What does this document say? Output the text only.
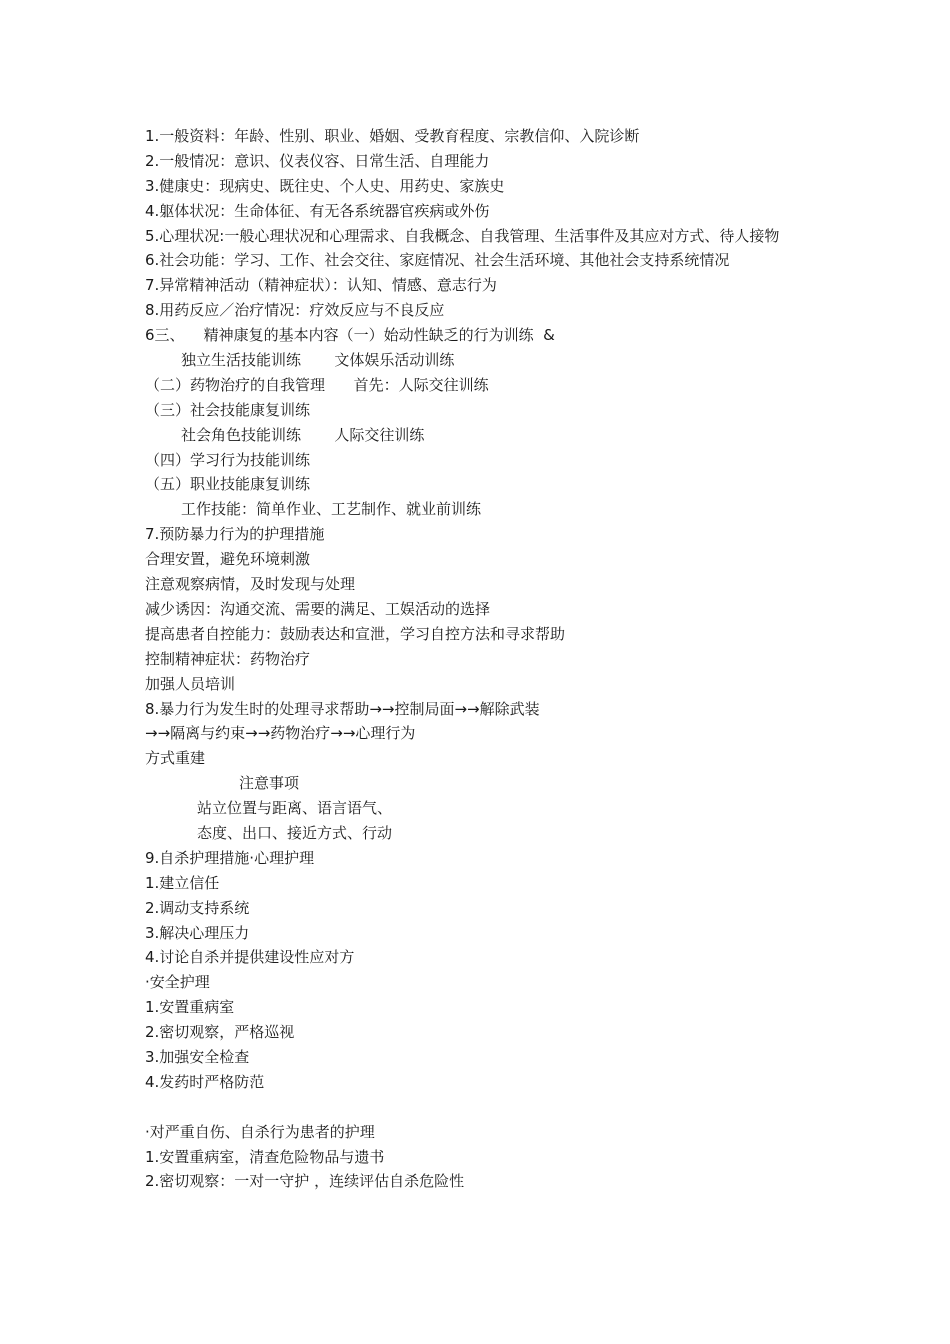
1.一般资料：年龄、性别、职业、婚姻、受教育程度、宗教信仰、入院诊断
2.一般情况：意识、仪表仪容、日常生活、自理能力
3.健康史：现病史、既往史、个人史、用药史、家族史
4.躯体状况：生命体征、有无各系统器官疾病或外伤
5.心理状况:一般心理状况和心理需求、自我概念、自我管理、生活事件及其应对方式、待人接物
6.社会功能：学习、工作、社会交往、家庭情况、社会生活环境、其他社会支持系统情况
7.异常精神活动（精神症状）：认知、情感、意志行为
8.用药反应／治疗情况：疗效反应与不良反应
6三、    精神康复的基本内容（一）始动性缺乏的行为训练  &
独立生活技能训练       文体娱乐活动训练
（二）药物治疗的自我管理      首先：人际交往训练
（三）社会技能康复训练
社会角色技能训练       人际交往训练
（四）学习行为技能训练
（五）职业技能康复训练
工作技能：简单作业、工艺制作、就业前训练
7.预防暴力行为的护理措施
合理安置，避免环境刺激
注意观察病情，及时发现与处理
减少诱因：沟通交流、需要的满足、工娱活动的选择
提高患者自控能力：鼓励表达和宣泄，学习自控方法和寻求帮助
控制精神症状：药物治疗
加强人员培训
8.暴力行为发生时的处理寻求帮助→→控制局面→→解除武装
→→隔离与约束→→药物治疗→→心理行为
方式重建
注意事项
站立位置与距离、语言语气、
态度、出口、接近方式、行动
9.自杀护理措施·心理护理
1.建立信任
2.调动支持系统
3.解决心理压力
4.讨论自杀并提供建设性应对方
·安全护理
1.安置重病室
2.密切观察，严格巡视
3.加强安全检查
4.发药时严格防范
·对严重自伤、自杀行为患者的护理
1.安置重病室，清查危险物品与遗书
2.密切观察：一对一守护 ，连续评估自杀危险性
